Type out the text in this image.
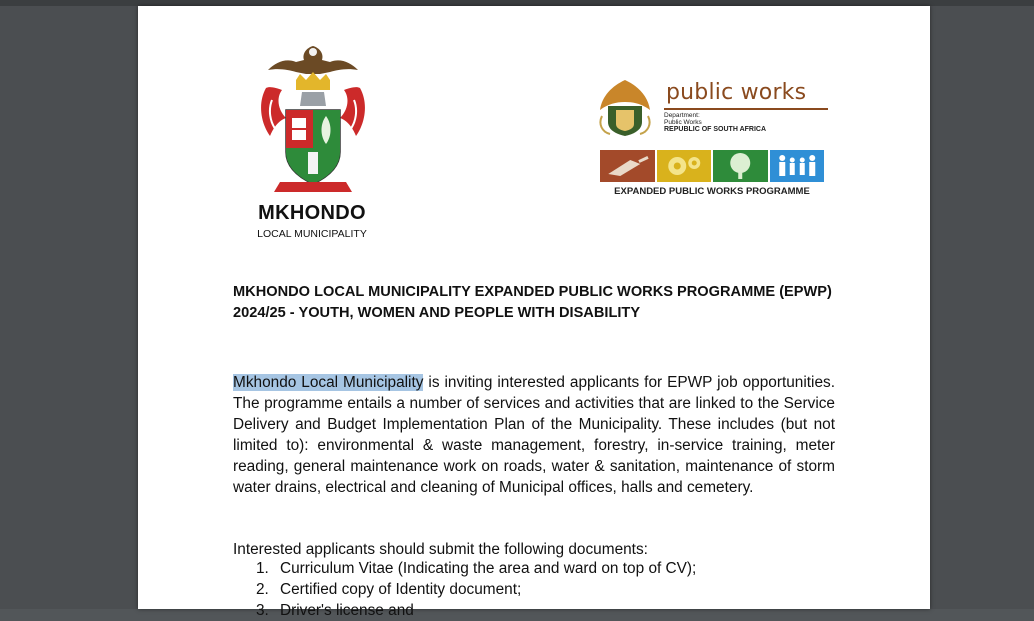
MKHONDO
LOCAL MUNICIPALITY
public works
Department:
Public Works
REPUBLIC OF SOUTH AFRICA
EXPANDED PUBLIC WORKS PROGRAMME
MKHONDO LOCAL MUNICIPALITY EXPANDED PUBLIC WORKS PROGRAMME (EPWP) 2024/25 - YOUTH, WOMEN AND PEOPLE WITH DISABILITY
Mkhondo Local Municipality is inviting interested applicants for EPWP job opportunities. The programme entails a number of services and activities that are linked to the Service Delivery and Budget Implementation Plan of the Municipality. These includes (but not limited to): environmental & waste management, forestry, in-service training, meter reading, general maintenance work on roads, water & sanitation, maintenance of storm water drains, electrical and cleaning of Municipal offices, halls and cemetery.
Interested applicants should submit the following documents:
1. Curriculum Vitae (Indicating the area and ward on top of CV);
2. Certified copy of Identity document;
3. Driver's license and
